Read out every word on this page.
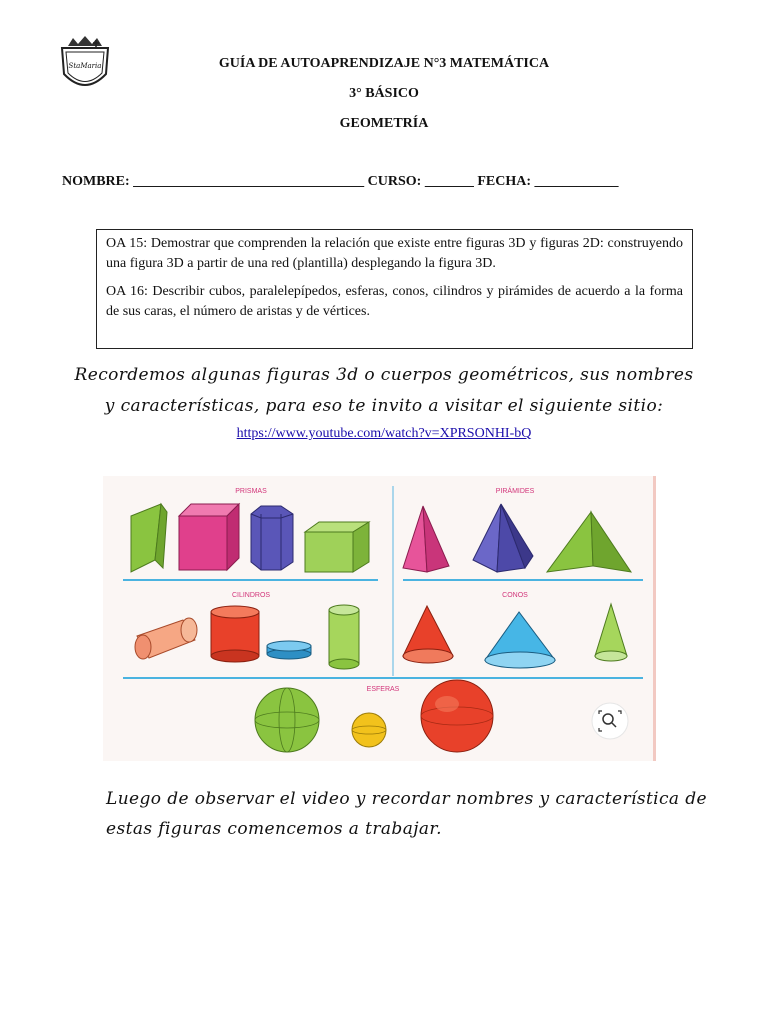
StaMaria	GUÍA DE AUTOAPRENDIZAJE N°3 MATEMÁTICA
3° BÁSICO
GEOMETRÍA
NOMBRE: _________________________________ CURSO: _______ FECHA: ____________

OA 15: Demostrar que comprenden la relación que existe entre figuras 3D y figuras 2D: construyendo una figura 3D a partir de una red (plantilla) desplegando la figura 3D.

OA 16: Describir cubos, paralelepípedos, esferas, conos, cilindros y pirámides de acuerdo a la forma de sus caras, el número de aristas y de vértices.

Recordemos algunas figuras 3d o cuerpos geométricos, sus nombres
y características, para eso te invito a visitar el siguiente sitio:
https://www.youtube.com/watch?v=XPRSONHI-bQ
PRISMAS	PIRÁMIDES
CILINDROS	CONOS
ESFERAS
Luego de observar el video y recordar nombres y característica de
estas figuras comencemos a trabajar.
